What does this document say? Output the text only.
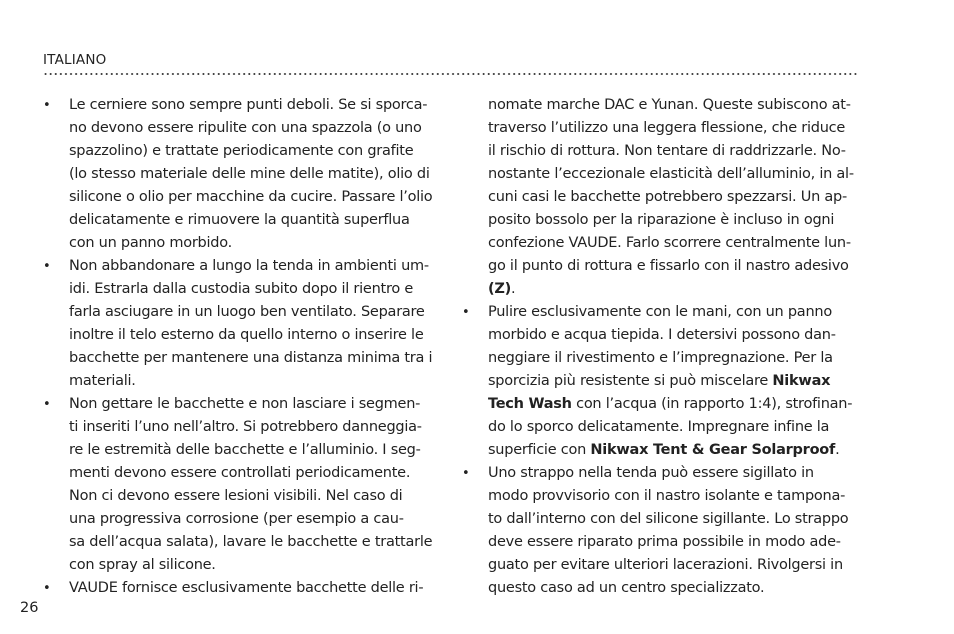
ITALIANO
• Le cerniere sono sempre punti deboli. Se si sporca-
no devono essere ripulite con una spazzola (o uno
spazzolino) e trattate periodicamente con grafite
(lo stesso materiale delle mine delle matite), olio di
silicone o olio per macchine da cucire. Passare l’olio
delicatamente e rimuovere la quantità superflua
con un panno morbido.
• Non abbandonare a lungo la tenda in ambienti um-
idi. Estrarla dalla custodia subito dopo il rientro e
farla asciugare in un luogo ben ventilato. Separare
inoltre il telo esterno da quello interno o inserire le
bacchette per mantenere una distanza minima tra i
materiali.
• Non gettare le bacchette e non lasciare i segmen-
ti inseriti l’uno nell’altro. Si potrebbero danneggia-
re le estremità delle bacchette e l’alluminio. I seg-
menti devono essere controllati periodicamente.
Non ci devono essere lesioni visibili. Nel caso di
una progressiva corrosione (per esempio a cau-
sa dell’acqua salata), lavare le bacchette e trattarle
con spray al silicone.
• VAUDE fornisce esclusivamente bacchette delle ri-
nomate marche DAC e Yunan. Queste subiscono at-
traverso l’utilizzo una leggera flessione, che riduce
il rischio di rottura. Non tentare di raddrizzarle. No-
nostante l’eccezionale elasticità dell’alluminio, in al-
cuni casi le bacchette potrebbero spezzarsi. Un ap-
posito bossolo per la riparazione è incluso in ogni
confezione VAUDE. Farlo scorrere centralmente lun-
go il punto di rottura e fissarlo con il nastro adesivo
(Z).
• Pulire esclusivamente con le mani, con un panno
morbido e acqua tiepida. I detersivi possono dan-
neggiare il rivestimento e l’impregnazione. Per la
sporcizia più resistente si può miscelare Nikwax
Tech Wash con l’acqua (in rapporto 1:4), strofinan-
do lo sporco delicatamente. Impregnare infine la
superficie con Nikwax Tent & Gear Solarproof.
• Uno strappo nella tenda può essere sigillato in
modo provvisorio con il nastro isolante e tampona-
to dall’interno con del silicone sigillante. Lo strappo
deve essere riparato prima possibile in modo ade-
guato per evitare ulteriori lacerazioni. Rivolgersi in
questo caso ad un centro specializzato.
26
